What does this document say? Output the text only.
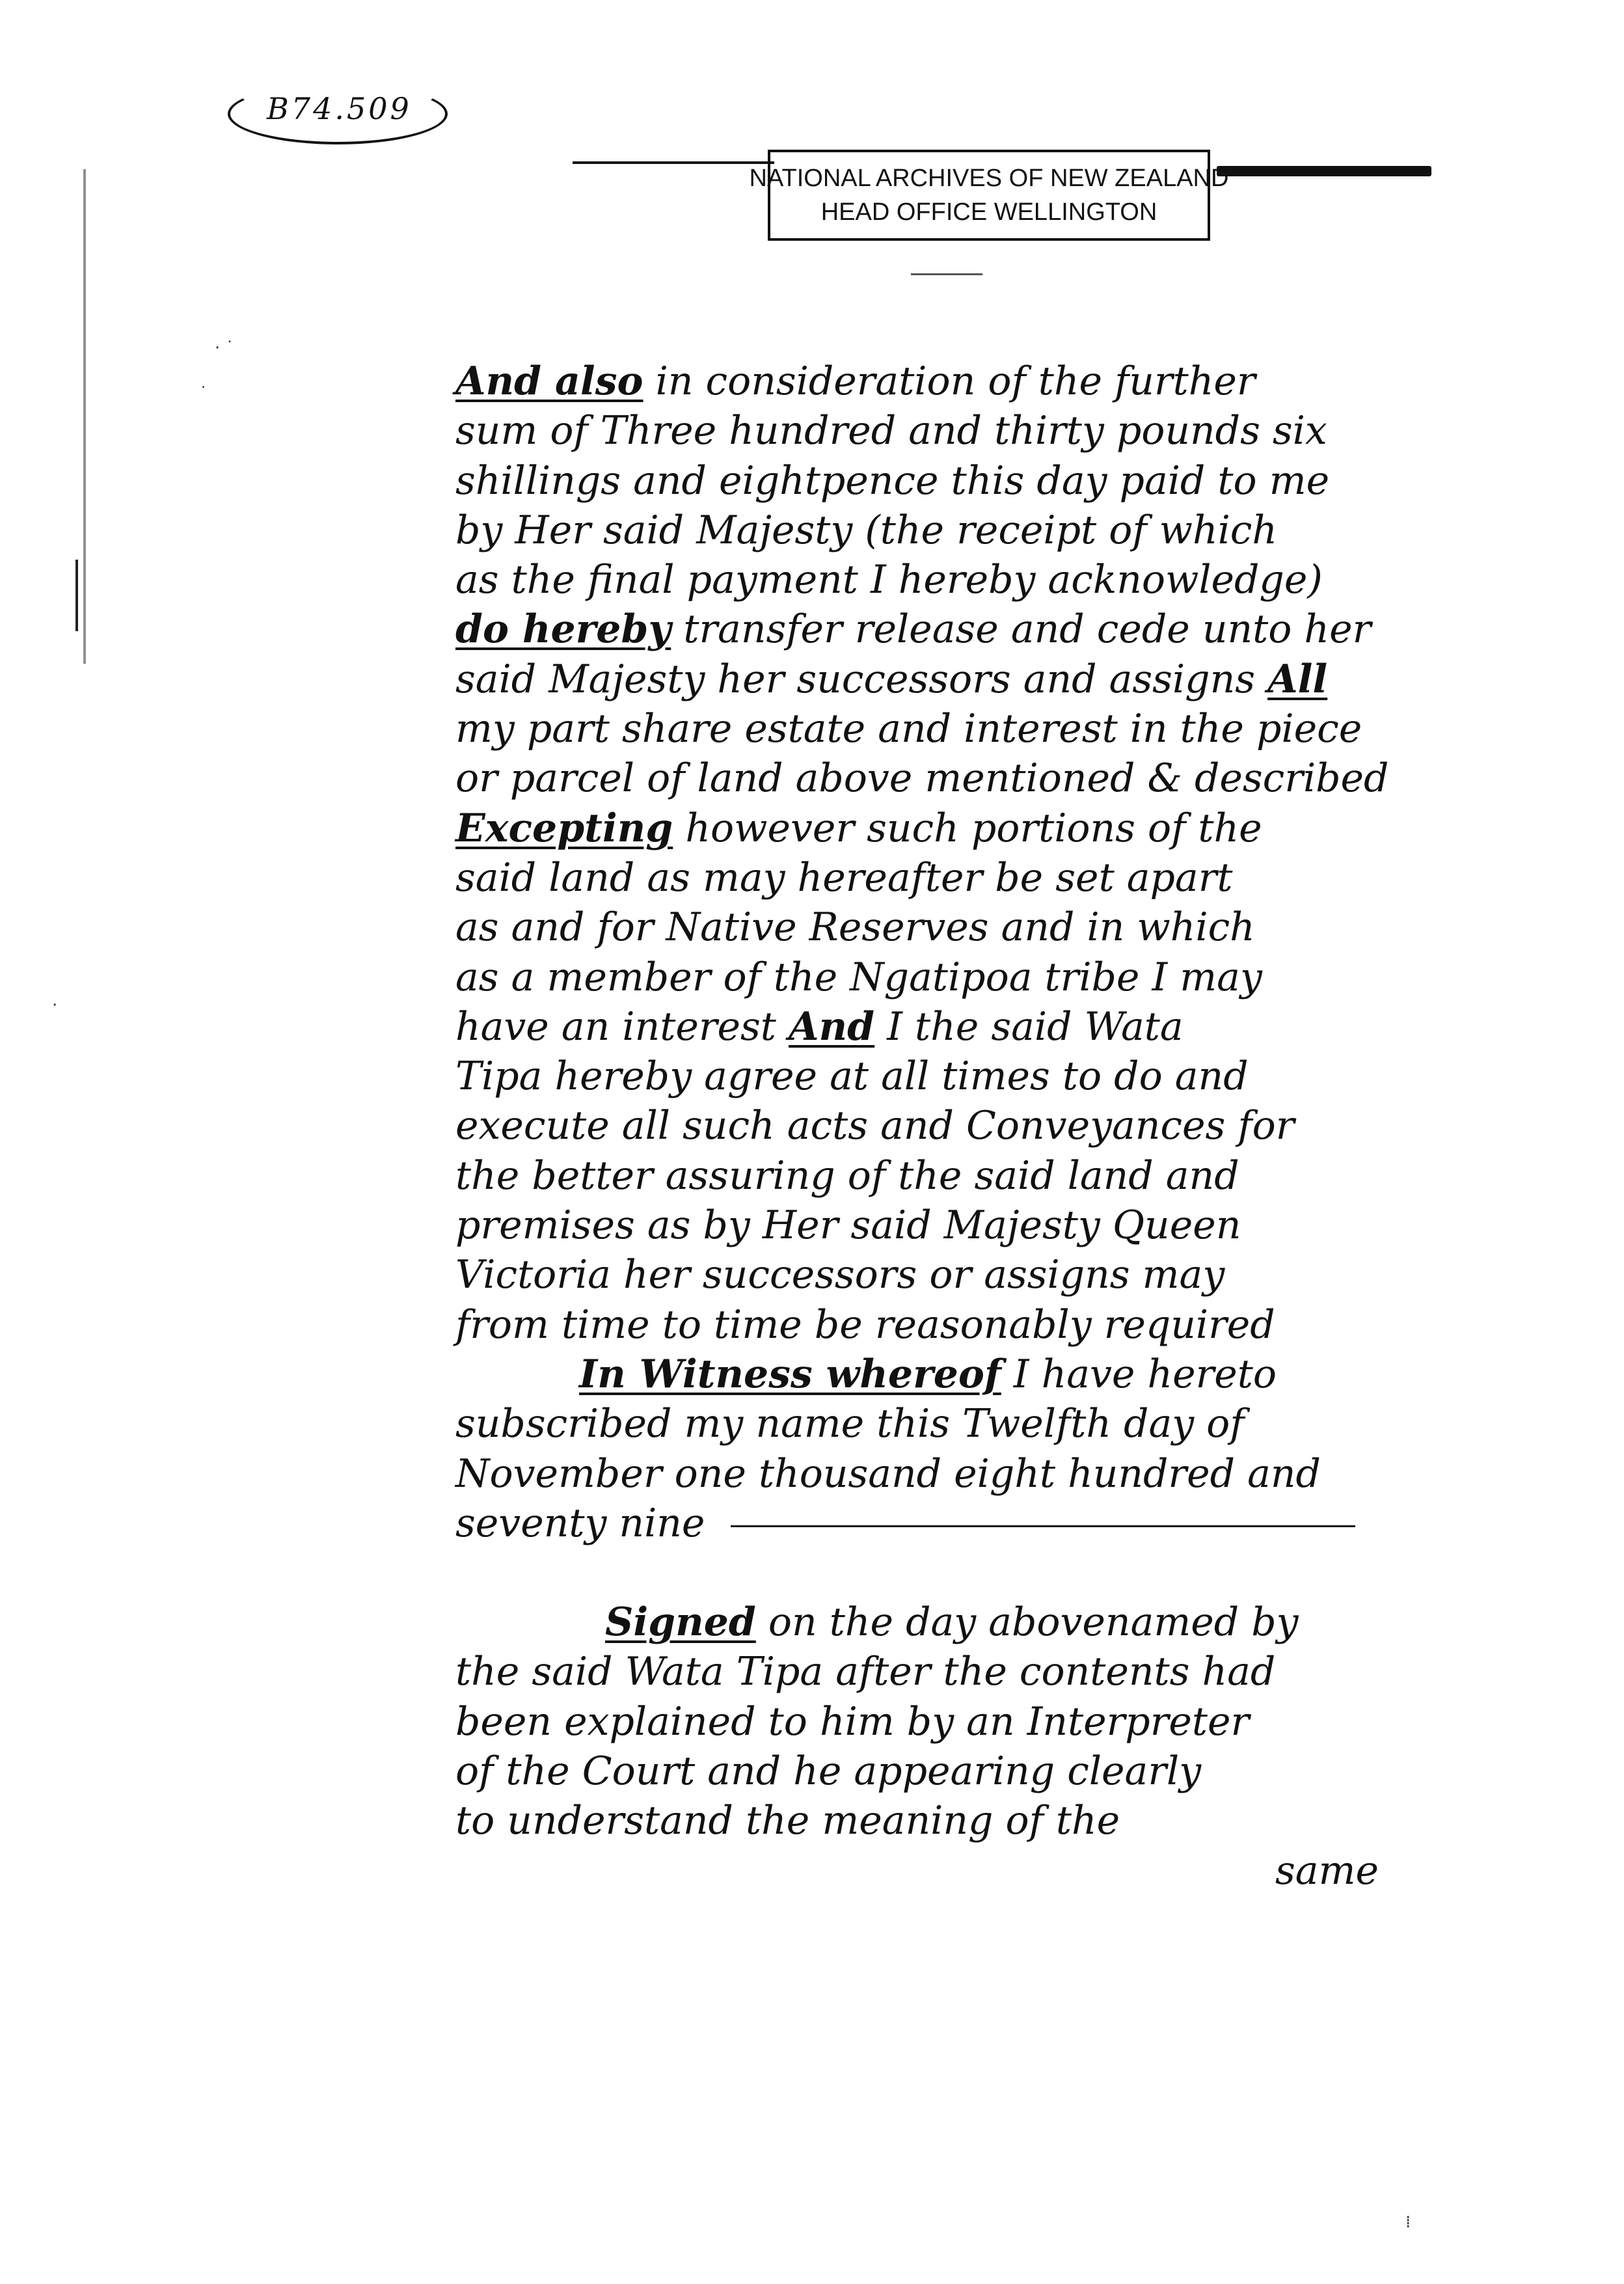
B74.509
NATIONAL ARCHIVES OF NEW ZEALAND
HEAD OFFICE WELLINGTON
· ˙
˙
·
⁞
And also in consideration of the further
sum of Three hundred and thirty pounds six
shillings and eightpence this day paid to me
by Her said Majesty (the receipt of which
as the final payment I hereby acknowledge)
do hereby transfer release and cede unto her
said Majesty her successors and assigns All
my part share estate and interest in the piece
or parcel of land above mentioned & described
Excepting however such portions of the
said land as may hereafter be set apart
as and for Native Reserves and in which
as a member of the Ngatipoa tribe I may
have an interest And I the said Wata
Tipa hereby agree at all times to do and
execute all such acts and Conveyances for
the better assuring of the said land and
premises as by Her said Majesty Queen
Victoria her successors or assigns may
from time to time be reasonably required
In Witness whereof I have hereto
subscribed my name this Twelfth day of
November one thousand eight hundred and
seventy nine
Signed on the day abovenamed by
the said Wata Tipa after the contents had
been explained to him by an Interpreter
of the Court and he appearing clearly
to understand the meaning of the
same
